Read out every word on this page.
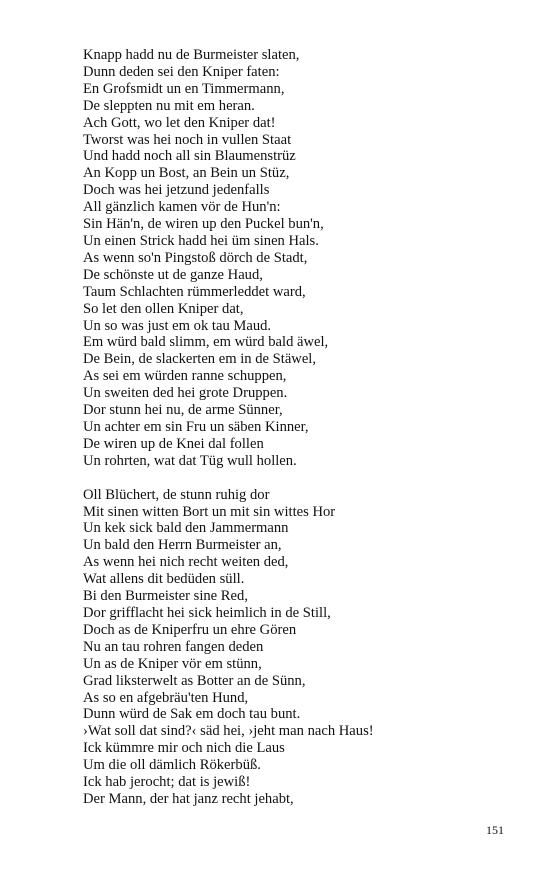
Knapp hadd nu de Burmeister slaten,
Dunn deden sei den Kniper faten:
En Grofsmidt un en Timmermann,
De sleppten nu mit em heran.
Ach Gott, wo let den Kniper dat!
Tworst was hei noch in vullen Staat
Und hadd noch all sin Blaumenstrüz
An Kopp un Bost, an Bein un Stüz,
Doch was hei jetzund jedenfalls
All gänzlich kamen vör de Hun'n:
Sin Hän'n, de wiren up den Puckel bun'n,
Un einen Strick hadd hei üm sinen Hals.
As wenn so'n Pingstoß dörch de Stadt,
De schönste ut de ganze Haud,
Taum Schlachten rümmerleddet ward,
So let den ollen Kniper dat,
Un so was just em ok tau Maud.
Em würd bald slimm, em würd bald äwel,
De Bein, de slackerten em in de Stäwel,
As sei em würden ranne schuppen,
Un sweiten ded hei grote Druppen.
Dor stunn hei nu, de arme Sünner,
Un achter em sin Fru un säben Kinner,
De wiren up de Knei dal follen
Un rohrten, wat dat Tüg wull hollen.
Oll Blüchert, de stunn ruhig dor
Mit sinen witten Bort un mit sin wittes Hor
Un kek sick bald den Jammermann
Un bald den Herrn Burmeister an,
As wenn hei nich recht weiten ded,
Wat allens dit bedüden süll.
Bi den Burmeister sine Red,
Dor grifflacht hei sick heimlich in de Still,
Doch as de Kniperfru un ehre Gören
Nu an tau rohren fangen deden
Un as de Kniper vör em stünn,
Grad liksterwelt as Botter an de Sünn,
As so en afgebräu'ten Hund,
Dunn würd de Sak em doch tau bunt.
›Wat soll dat sind?‹ säd hei, ›jeht man nach Haus!
Ick kümmre mir och nich die Laus
Um die oll dämlich Rökerbüß.
Ick hab jerocht; dat is jewiß!
Der Mann, der hat janz recht jehabt,
151
